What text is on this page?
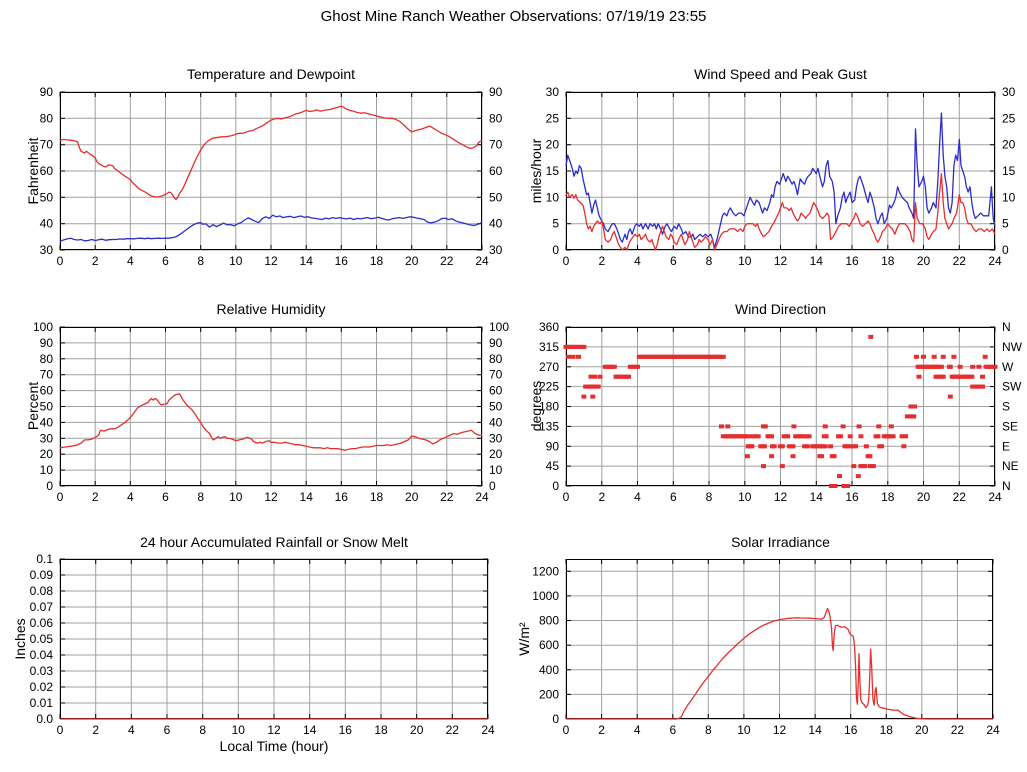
Ghost Mine Ranch Weather Observations: 07/19/19 23:55
0 2 4 6 8 10 12 14 16 18 20 22 24
30
40
50
60
70
80
90
30
40
50
60
70
80
90
Temperature and Dewpoint
Fahrenheit
0 2 4 6 8 10 12 14 16 18 20 22 24
0
5
10
15
20
25
30
0
5
10
15
20
25
30
Wind Speed and Peak Gust
miles/hour
0 2 4 6 8 10 12 14 16 18 20 22 24
0
10
20
30
40
50
60
70
80
90
100
0
10
20
30
40
50
60
70
80
90
100
Relative Humidity
Percent
0 2 4 6 8 10 12 14 16 18 20 22 24
0
45
90
135
180
225
270
315
360
N
NE
E
SE
S
SW
W
NW
N
Wind Direction
degrees
0 2 4 6 8 10 12 14 16 18 20 22 24
0.0
0.01
0.02
0.03
0.04
0.05
0.06
0.07
0.08
0.09
0.1
24 hour Accumulated Rainfall or Snow Melt
Inches
Local Time (hour)
0 2 4 6 8 10 12 14 16 18 20 22 24
0
200
400
600
800
1000
1200
Solar Irradiance
W/m²
